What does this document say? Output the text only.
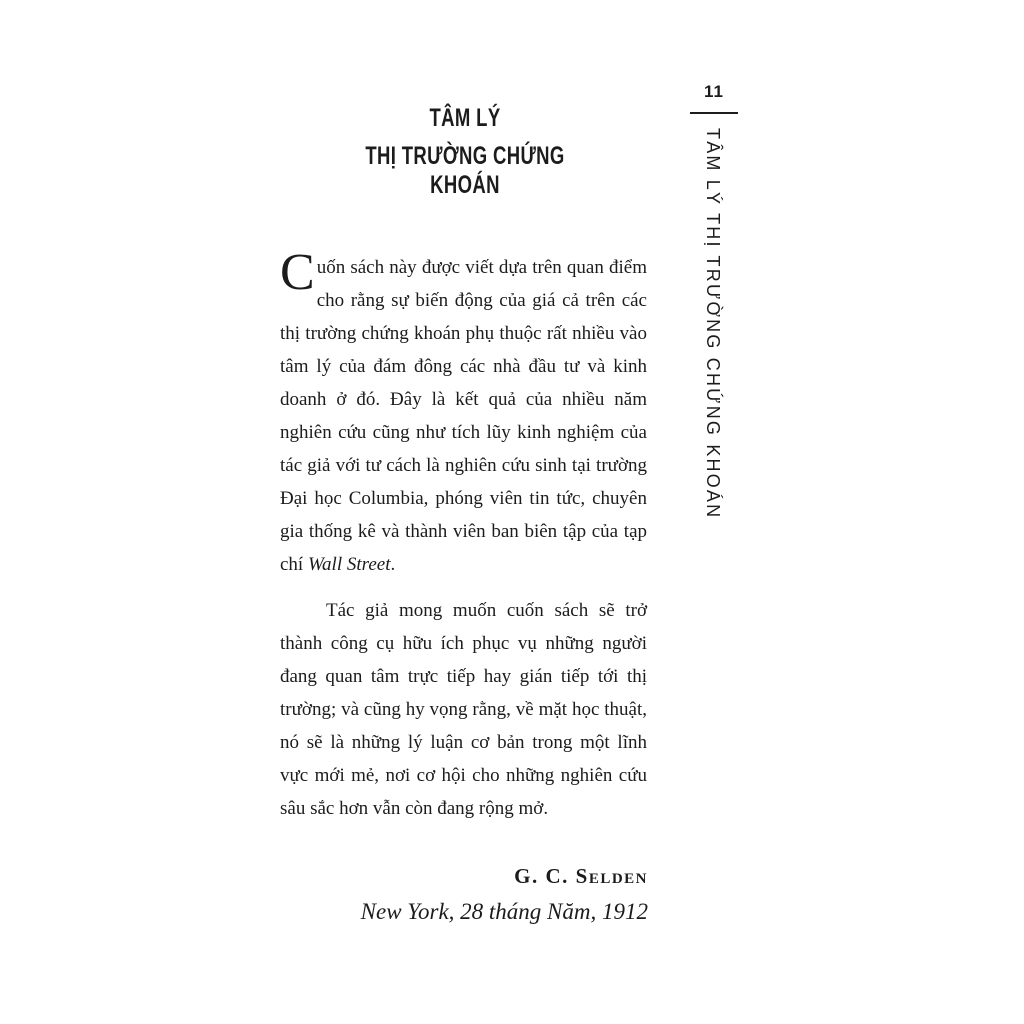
11
TÂM LÝ THỊ TRƯỜNG CHỨNG KHOÁN
TÂM LÝ
THỊ TRƯỜNG CHỨNG KHOÁN
Cuốn sách này được viết dựa trên quan điểm cho rằng sự biến động của giá cả trên các thị trường chứng khoán phụ thuộc rất nhiều vào tâm lý của đám đông các nhà đầu tư và kinh doanh ở đó. Đây là kết quả của nhiều năm nghiên cứu cũng như tích lũy kinh nghiệm của tác giả với tư cách là nghiên cứu sinh tại trường Đại học Columbia, phóng viên tin tức, chuyên gia thống kê và thành viên ban biên tập của tạp chí Wall Street.
Tác giả mong muốn cuốn sách sẽ trở thành công cụ hữu ích phục vụ những người đang quan tâm trực tiếp hay gián tiếp tới thị trường; và cũng hy vọng rằng, về mặt học thuật, nó sẽ là những lý luận cơ bản trong một lĩnh vực mới mẻ, nơi cơ hội cho những nghiên cứu sâu sắc hơn vẫn còn đang rộng mở.
G. C. Selden
New York, 28 tháng Năm, 1912
